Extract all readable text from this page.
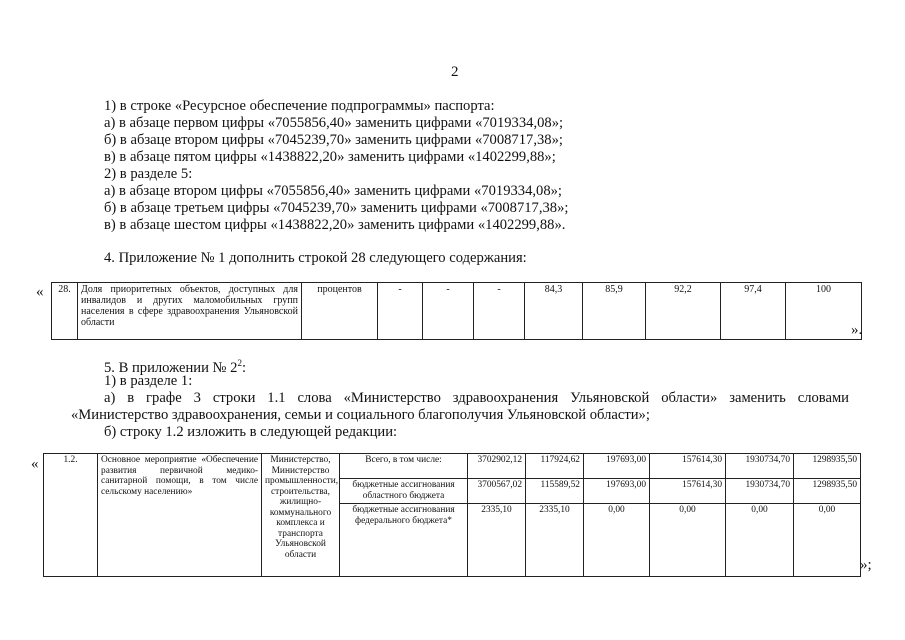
2
1) в строке «Ресурсное обеспечение подпрограммы» паспорта:
а) в абзаце первом цифры «7055856,40» заменить цифрами «7019334,08»;
б) в абзаце втором цифры «7045239,70» заменить цифрами «7008717,38»;
в) в абзаце пятом цифры «1438822,20» заменить цифрами «1402299,88»;
2) в разделе 5:
а) в абзаце втором цифры «7055856,40» заменить цифрами «7019334,08»;
б) в абзаце третьем цифры «7045239,70» заменить цифрами «7008717,38»;
в) в абзаце шестом цифры «1438822,20» заменить цифрами «1402299,88».
4. Приложение № 1 дополнить строкой 28 следующего содержания:
« 28.	Доля приоритетных объектов, доступных для инвалидов и других маломобильных групп населения в сфере здравоохранения Ульяновской области	процентов	-	-	-	84,3	85,9	92,2	97,4	100
».
5. В приложении № $2^2$:
1) в разделе 1:
а) в графе 3 строки 1.1 слова «Министерство здравоохранения Ульяновской области» заменить словами «Министерство здравоохранения, семьи и социального благополучия Ульяновской области»;
б) строку 1.2 изложить в следующей редакции:
«	1.2.	Основное мероприятие «Обеспечение развития первичной медико-санитарной помощи, в том числе сельскому населению»	Министерство, Министерство промышленности, строительства, жилищно-коммунального комплекса и транспорта Ульяновской области	Всего, в том числе:	3702902,12	117924,62	197693,00	157614,30	1930734,70	1298935,50
			бюджетные ассигнования областного бюджета	3700567,02	115589,52	197693,00	157614,30	1930734,70	1298935,50
			бюджетные ассигнования федерального бюджета*	2335,10	2335,10	0,00	0,00	0,00	0,00
»;
